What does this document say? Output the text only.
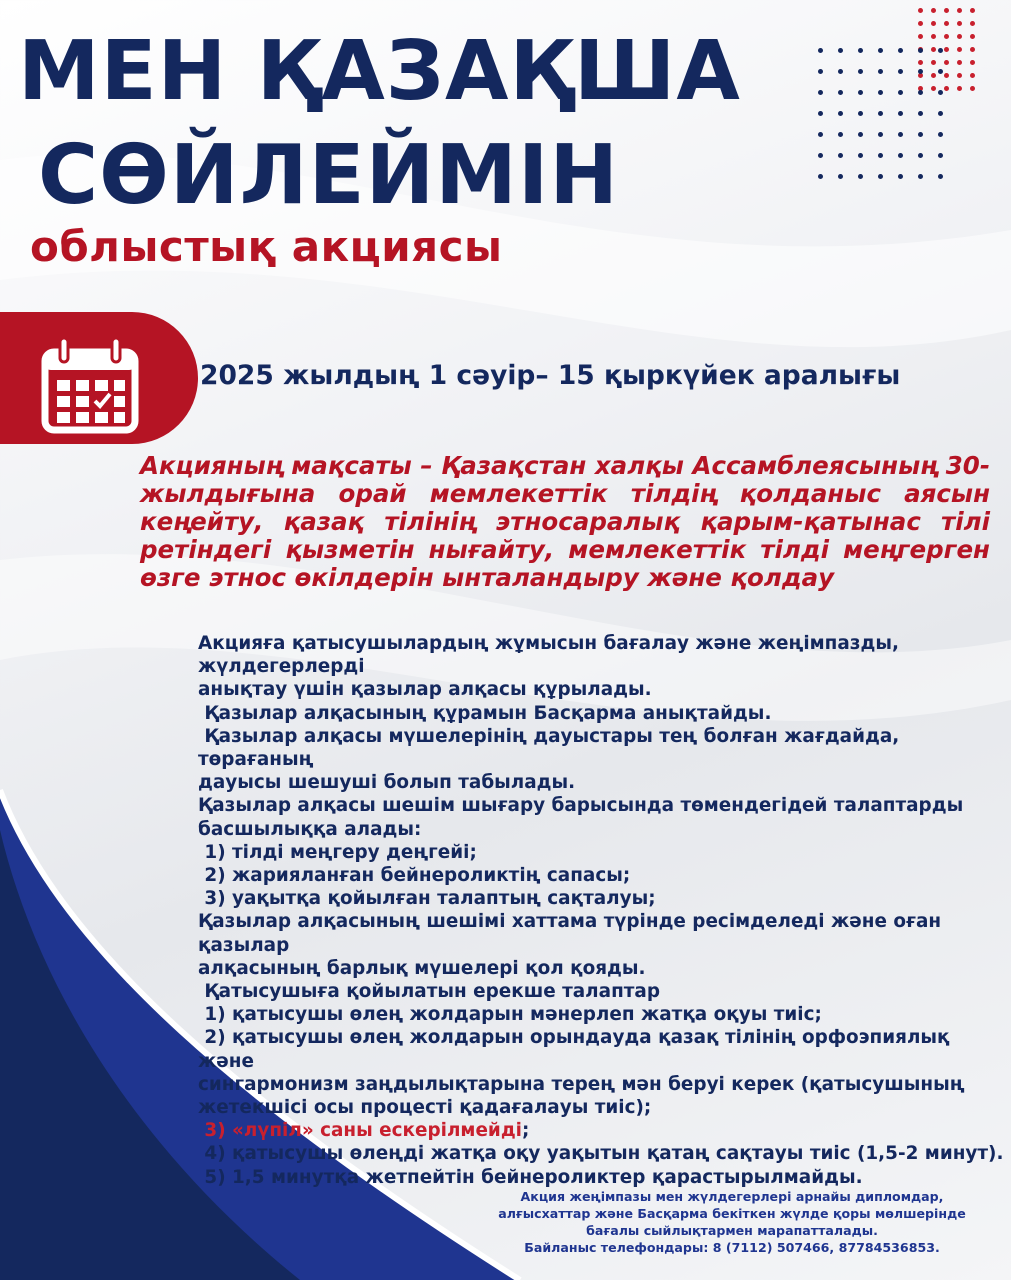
МЕН ҚАЗАҚША
СӨЙЛЕЙМІН
облыстық акциясы

2025 жылдың 1 сәуір– 15 қыркүйек аралығы

Акцияның мақсаты – Қазақстан халқы Ассамблеясының 30-жылдығына орай мемлекеттік тілдің қолданыс аясын кеңейту, қазақ тілінің этносаралық қарым-қатынас тілі ретіндегі қызметін нығайту, мемлекеттік тілді меңгерген өзге этнос өкілдерін ынталандыру және қолдау

Акцияға қатысушылардың жұмысын бағалау және жеңімпазды, жүлдегерлерді
анықтау үшін қазылар алқасы құрылады.
Қазылар алқасының құрамын Басқарма анықтайды.
Қазылар алқасы мүшелерінің дауыстары тең болған жағдайда, төрағаның
дауысы шешуші болып табылады.
Қазылар алқасы шешім шығару барысында төмендегідей талаптарды
басшылыққа алады:
1) тілді меңгеру деңгейі;
2) жарияланған бейнероликтің сапасы;
3) уақытқа қойылған талаптың сақталуы;
Қазылар алқасының шешімі хаттама түрінде ресімделеді және оған қазылар
алқасының барлық мүшелері қол қояды.
Қатысушыға қойылатын ерекше талаптар
1) қатысушы өлең жолдарын мәнерлеп жатқа оқуы тиіс;
2) қатысушы өлең жолдарын орындауда қазақ тілінің орфоэпиялық және
сингармонизм заңдылықтарына терең мән беруі керек (қатысушының
жетекшісі осы процесті қадағалауы тиіс);
3) «лүпіл» саны ескерілмейді;
4) қатысушы өлеңді жатқа оқу уақытын қатаң сақтауы тиіс (1,5-2 минут).
5) 1,5 минутқа жетпейтін бейнероликтер қарастырылмайды.
Акция жеңімпазы мен жүлдегерлері арнайы дипломдар,
алғысхаттар және Басқарма бекіткен жүлде қоры мөлшерінде
бағалы сыйлықтармен марапатталады.
Байланыс телефондары: 8 (7112) 507466, 87784536853.
